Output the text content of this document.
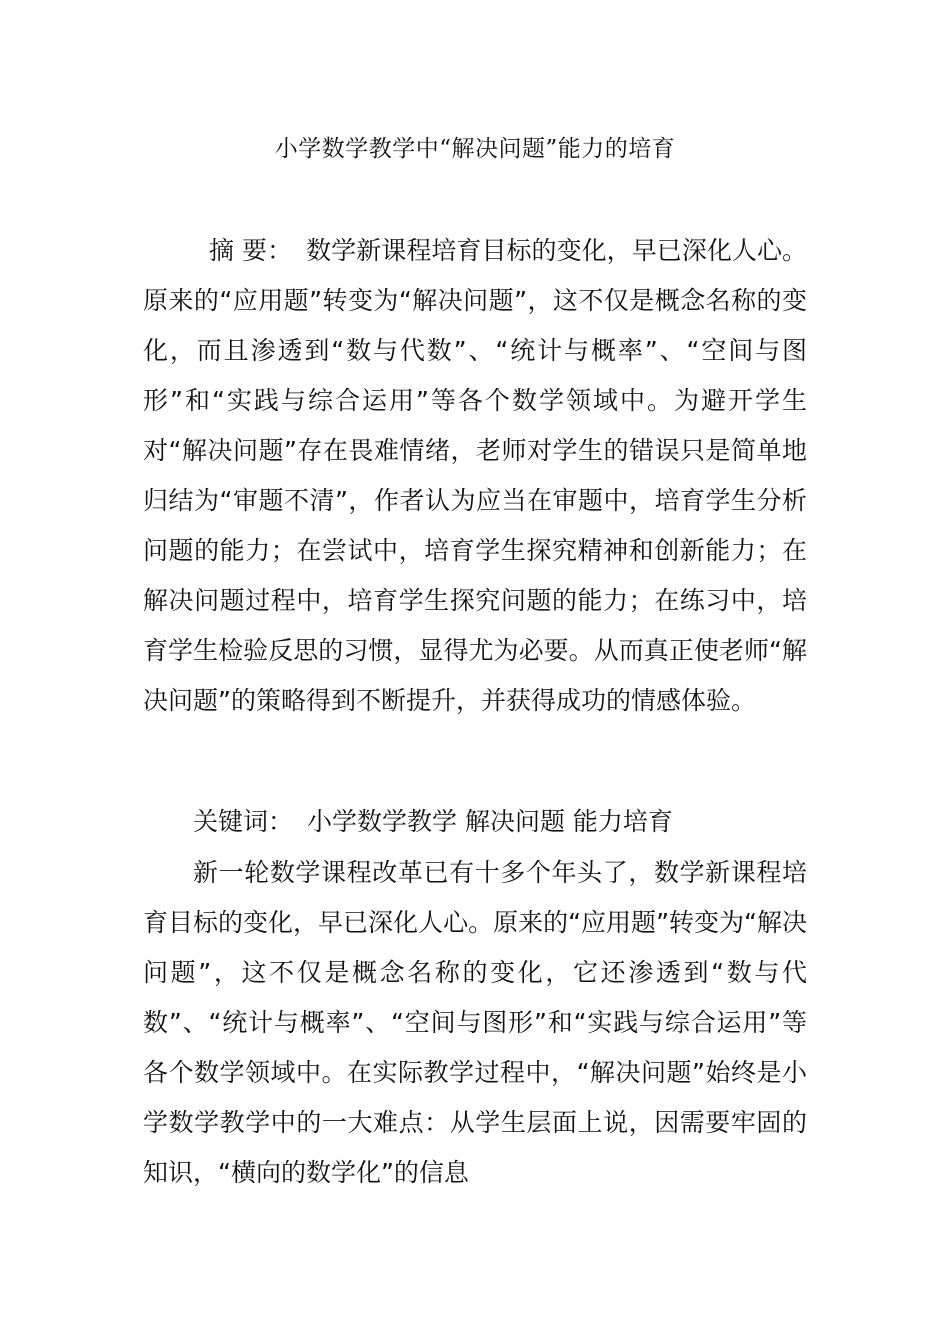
小学数学教学中“解决问题”能力的培育

摘 要： 数学新课程培育目标的变化，早已深化人心。原来的“应用题”转变为“解决问题”，这不仅是概念名称的变化，而且渗透到“数与代数”、“统计与概率”、“空间与图形”和“实践与综合运用”等各个数学领域中。为避开学生对“解决问题”存在畏难情绪，老师对学生的错误只是简单地归结为“审题不清”，作者认为应当在审题中，培育学生分析问题的能力；在尝试中，培育学生探究精神和创新能力；在解决问题过程中，培育学生探究问题的能力；在练习中，培育学生检验反思的习惯，显得尤为必要。从而真正使老师“解决问题”的策略得到不断提升，并获得成功的情感体验。

关键词： 小学数学教学 解决问题 能力培育

新一轮数学课程改革已有十多个年头了，数学新课程培育目标的变化，早已深化人心。原来的“应用题”转变为“解决问题”，这不仅是概念名称的变化，它还渗透到“数与代数”、“统计与概率”、“空间与图形”和“实践与综合运用”等各个数学领域中。在实际教学过程中，“解决问题”始终是小学数学教学中的一大难点：从学生层面上说，因需要牢固的知识，“横向的数学化”的信息
